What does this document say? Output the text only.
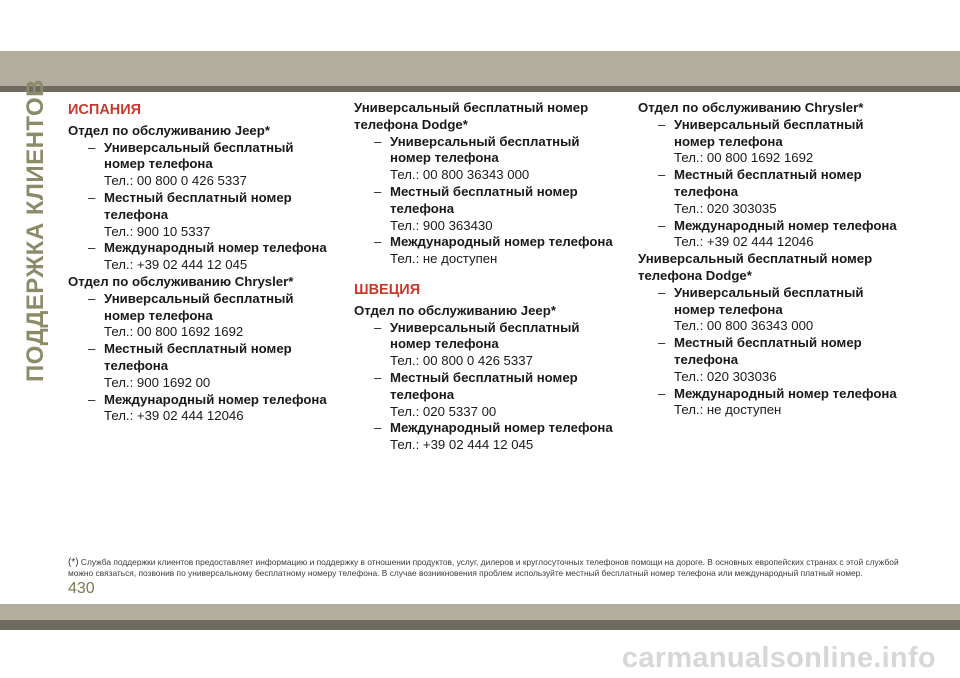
ПОДДЕРЖКА КЛИЕНТОВ ИСПАНИЯ
Отдел по обслуживанию Jeep*
– Универсальный бесплатный номер телефона
Тел.: 00 800 0 426 5337
– Местный бесплатный номер телефона
Тел.: 900 10 5337
– Международный номер телефона
Тел.: +39 02 444 12 045
Отдел по обслуживанию Chrysler*
– Универсальный бесплатный номер телефона
Тел.: 00 800 1692 1692
– Местный бесплатный номер телефона
Тел.: 900 1692 00
– Международный номер телефона
Тел.: +39 02 444 12046
Универсальный бесплатный номер телефона Dodge*
– Универсальный бесплатный номер телефона
Тел.: 00 800 36343 000
– Местный бесплатный номер телефона
Тел.: 900 363430
– Международный номер телефона
Тел.: не доступен
ШВЕЦИЯ
Отдел по обслуживанию Jeep*
– Универсальный бесплатный номер телефона
Тел.: 00 800 0 426 5337
– Местный бесплатный номер телефона
Тел.: 020 5337 00
– Международный номер телефона
Тел.: +39 02 444 12 045
Отдел по обслуживанию Chrysler*
– Универсальный бесплатный номер телефона
Тел.: 00 800 1692 1692
– Местный бесплатный номер телефона
Тел.: 020 303035
– Международный номер телефона
Тел.: +39 02 444 12046
Универсальный бесплатный номер телефона Dodge*
– Универсальный бесплатный номер телефона
Тел.: 00 800 36343 000
– Местный бесплатный номер телефона
Тел.: 020 303036
– Международный номер телефона
Тел.: не доступен
(*) Служба поддержки клиентов предоставляет информацию и поддержку в отношении продуктов, услуг, дилеров и круглосуточных телефонов помощи на дороге. В основных европейских странах с этой службой можно связаться, позвонив по универсальному бесплатному номеру телефона. В случае возникновения проблем используйте местный бесплатный номер телефона или международный платный номер.
430
carmanualsonline.info
